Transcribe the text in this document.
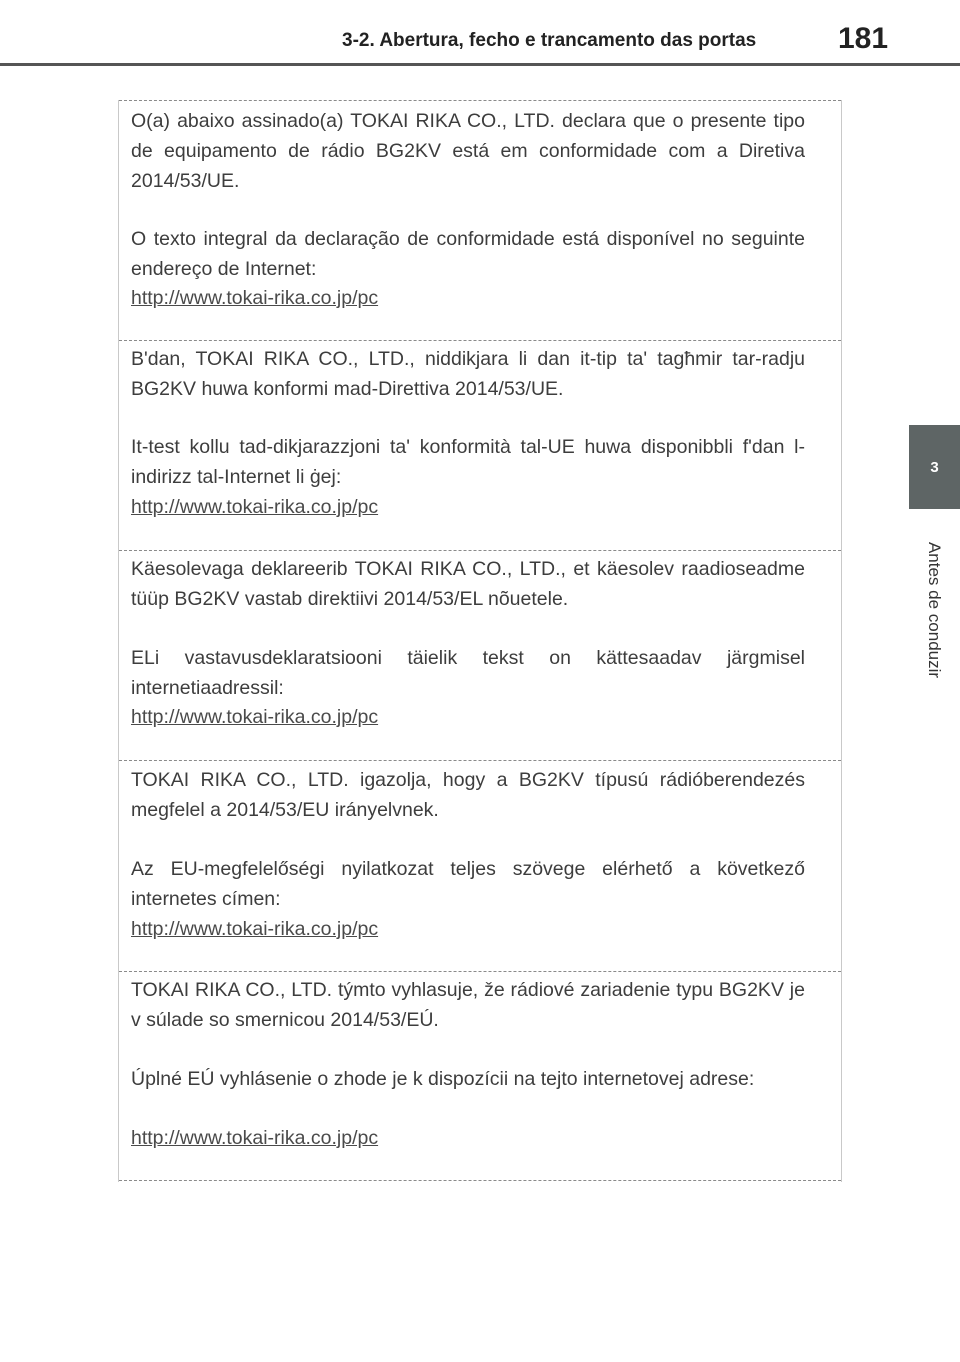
3-2. Abertura, fecho e trancamento das portas	181
3
Antes de conduzir
O(a) abaixo assinado(a) TOKAI RIKA CO., LTD. declara que o presente tipo de equipamento de rádio BG2KV está em conformidade com a Diretiva 2014/53/UE.
O texto integral da declaração de conformidade está disponível no seguinte endereço de Internet:
http://www.tokai-rika.co.jp/pc
B'dan, TOKAI RIKA CO., LTD., niddikjara li dan it-tip ta' tagħmir tar-radju BG2KV huwa konformi mad-Direttiva 2014/53/UE.
It-test kollu tad-dikjarazzjoni ta' konformità tal-UE huwa disponibbli f'dan l-indirizz tal-Internet li ġej:
http://www.tokai-rika.co.jp/pc
Käesolevaga deklareerib TOKAI RIKA CO., LTD., et käesolev raadioseadme tüüp BG2KV vastab direktiivi 2014/53/EL nõuetele.
ELi vastavusdeklaratsiooni täielik tekst on kättesaadav järgmisel internetiaadressil:
http://www.tokai-rika.co.jp/pc
TOKAI RIKA CO., LTD. igazolja, hogy a BG2KV típusú rádióberendezés megfelel a 2014/53/EU irányelvnek.
Az EU-megfelelőségi nyilatkozat teljes szövege elérhető a következő internetes címen:
http://www.tokai-rika.co.jp/pc
TOKAI RIKA CO., LTD. týmto vyhlasuje, že rádiové zariadenie typu BG2KV je v súlade so smernicou 2014/53/EÚ.
Úplné EÚ vyhlásenie o zhode je k dispozícii na tejto internetovej adrese:
http://www.tokai-rika.co.jp/pc
